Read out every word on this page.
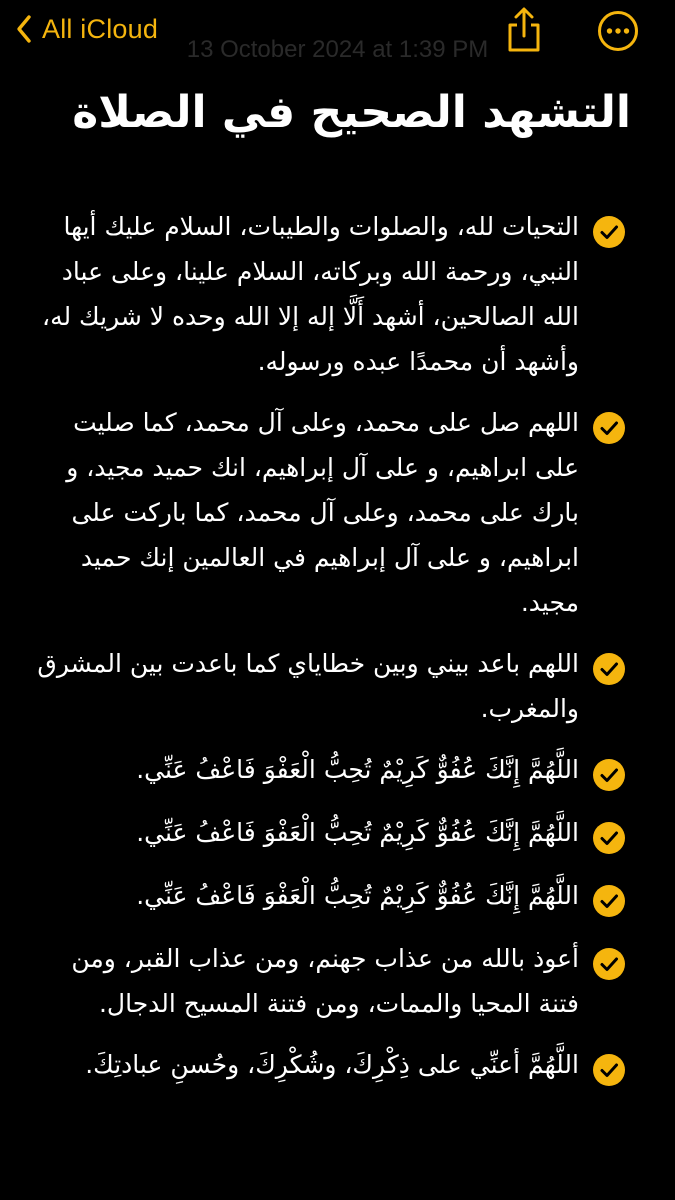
13 October 2024 at 1:39 PM
All iCloud
التشهد الصحيح في الصلاة
التحيات لله، والصلوات والطيبات، السلام عليك أيها النبي، ورحمة الله وبركاته، السلام علينا، وعلى عباد الله الصالحين، أشهد أَلَّا إله إلا الله وحده لا شريك له، وأشهد أن محمدًا عبده ورسوله.
اللهم صل على محمد، وعلى آل محمد، كما صليت على ابراهيم، و على آل إبراهيم، انك حميد مجيد، و بارك على محمد، وعلى آل محمد، كما باركت على ابراهيم، و على آل إبراهيم في العالمين إنك حميد مجيد.
اللهم باعد بيني وبين خطاياي كما باعدت بين المشرق والمغرب.
اللَّهُمَّ إِنَّكَ عُفُوٌّ كَرِيْمٌ تُحِبُّ الْعَفْوَ فَاعْفُ عَنِّي.
اللَّهُمَّ إِنَّكَ عُفُوٌّ كَرِيْمٌ تُحِبُّ الْعَفْوَ فَاعْفُ عَنِّي.
اللَّهُمَّ إِنَّكَ عُفُوٌّ كَرِيْمٌ تُحِبُّ الْعَفْوَ فَاعْفُ عَنِّي.
أعوذ بالله من عذاب جهنم، ومن عذاب القبر، ومن فتنة المحيا والممات، ومن فتنة المسيح الدجال.
اللَّهُمَّ أعنِّي على ذِكْرِكَ، وشُكْرِكَ، وحُسنِ عبادتِكَ.
